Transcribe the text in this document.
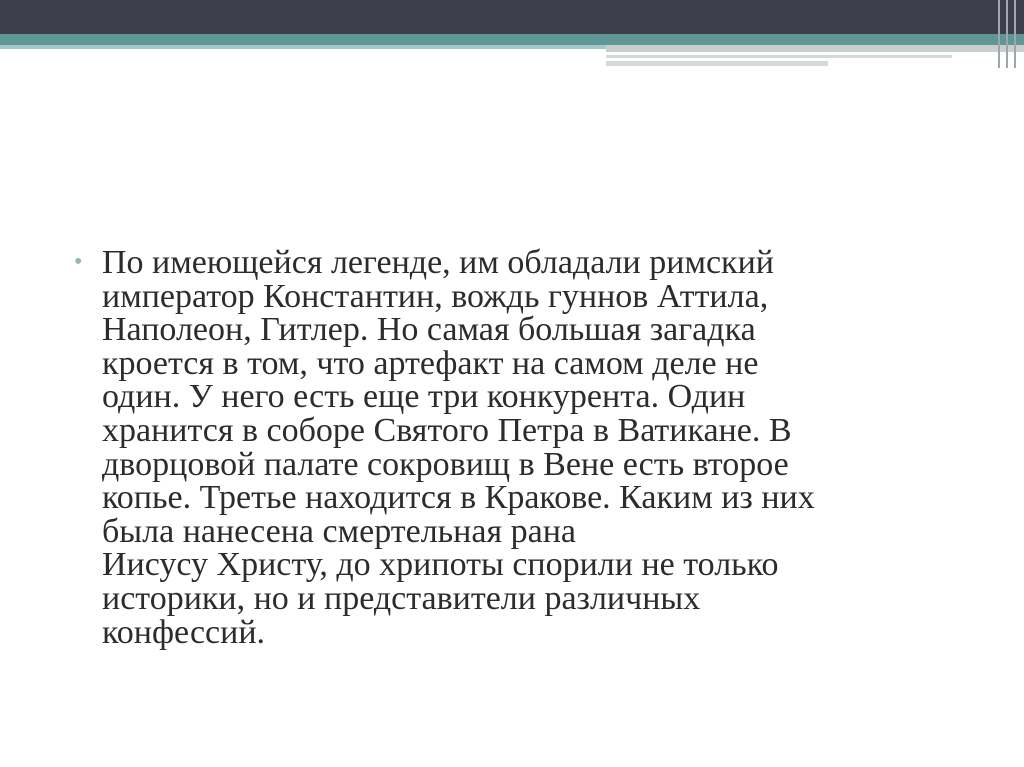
• По имеющейся легенде, им обладали римский
император Константин, вождь гуннов Аттила,
Наполеон, Гитлер. Но самая большая загадка
кроется в том, что артефакт на самом деле не
один. У него есть еще три конкурента. Один
хранится в соборе Святого Петра в Ватикане. В
дворцовой палате сокровищ в Вене есть второе
копье. Третье находится в Кракове. Каким из них
была нанесена смертельная рана
Иисусу Христу, до хрипоты спорили не только
историки, но и представители различных
конфессий.
